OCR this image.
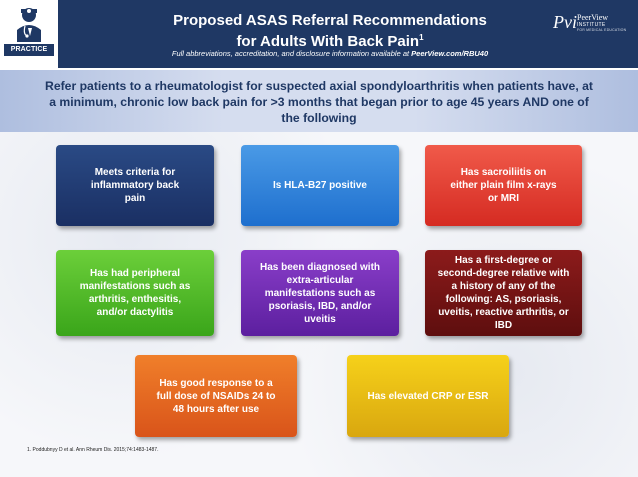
PRACTICE AID
Proposed ASAS Referral Recommendations
for Adults With Back Pain$^1$
Full abbreviations, accreditation, and disclosure information available at PeerView.com/RBU40
Pvi PeerView
INSTITUTE
FOR MEDICAL EDUCATION
Refer patients to a rheumatologist for suspected axial spondyloarthritis when patients have, at a minimum, chronic low back pain for >3 months that began prior to age 45 years AND one of the following
Meets criteria for inflammatory back pain
Is HLA-B27 positive
Has sacroiliitis on either plain film x-rays or MRI
Has had peripheral manifestations such as arthritis, enthesitis, and/or dactylitis
Has been diagnosed with extra-articular manifestations such as psoriasis, IBD, and/or uveitis
Has a first-degree or second-degree relative with a history of any of the following: AS, psoriasis, uveitis, reactive arthritis, or IBD
Has good response to a full dose of NSAIDs 24 to 48 hours after use
Has elevated CRP or ESR
1. Poddubnyy D et al. Ann Rheum Dis. 2015;74:1483-1487.
